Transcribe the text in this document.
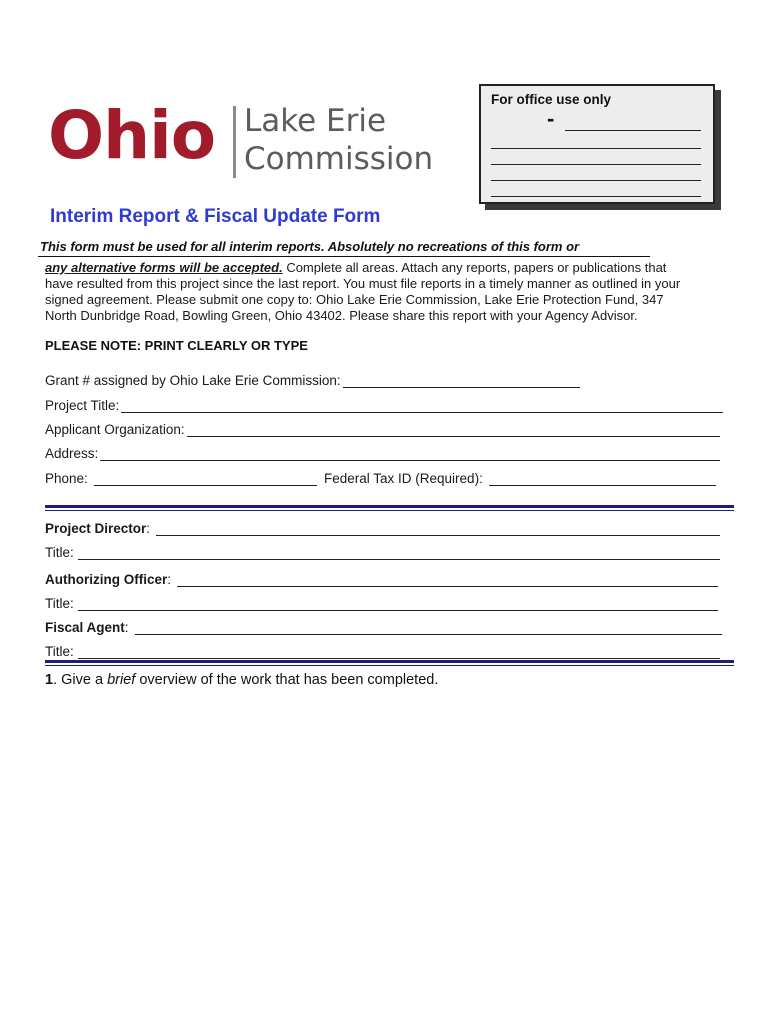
Ohio Lake Erie
Commission
For office use only
-
Interim Report & Fiscal Update Form
This form must be used for all interim reports. Absolutely no recreations of this form or
any alternative forms will be accepted. Complete all areas. Attach any reports, papers or publications that
have resulted from this project since the last report. You must file reports in a timely manner as outlined in your
signed agreement. Please submit one copy to: Ohio Lake Erie Commission, Lake Erie Protection Fund, 347
North Dunbridge Road, Bowling Green, Ohio 43402. Please share this report with your Agency Advisor.
PLEASE NOTE: PRINT CLEARLY OR TYPE
Grant # assigned by Ohio Lake Erie Commission:
Project Title:
Applicant Organization:
Address:
Phone:	Federal Tax ID (Required):
Project Director :
Title:
Authorizing Officer :
Title:
Fiscal Agent :
Title:
1. Give a brief overview of the work that has been completed.
